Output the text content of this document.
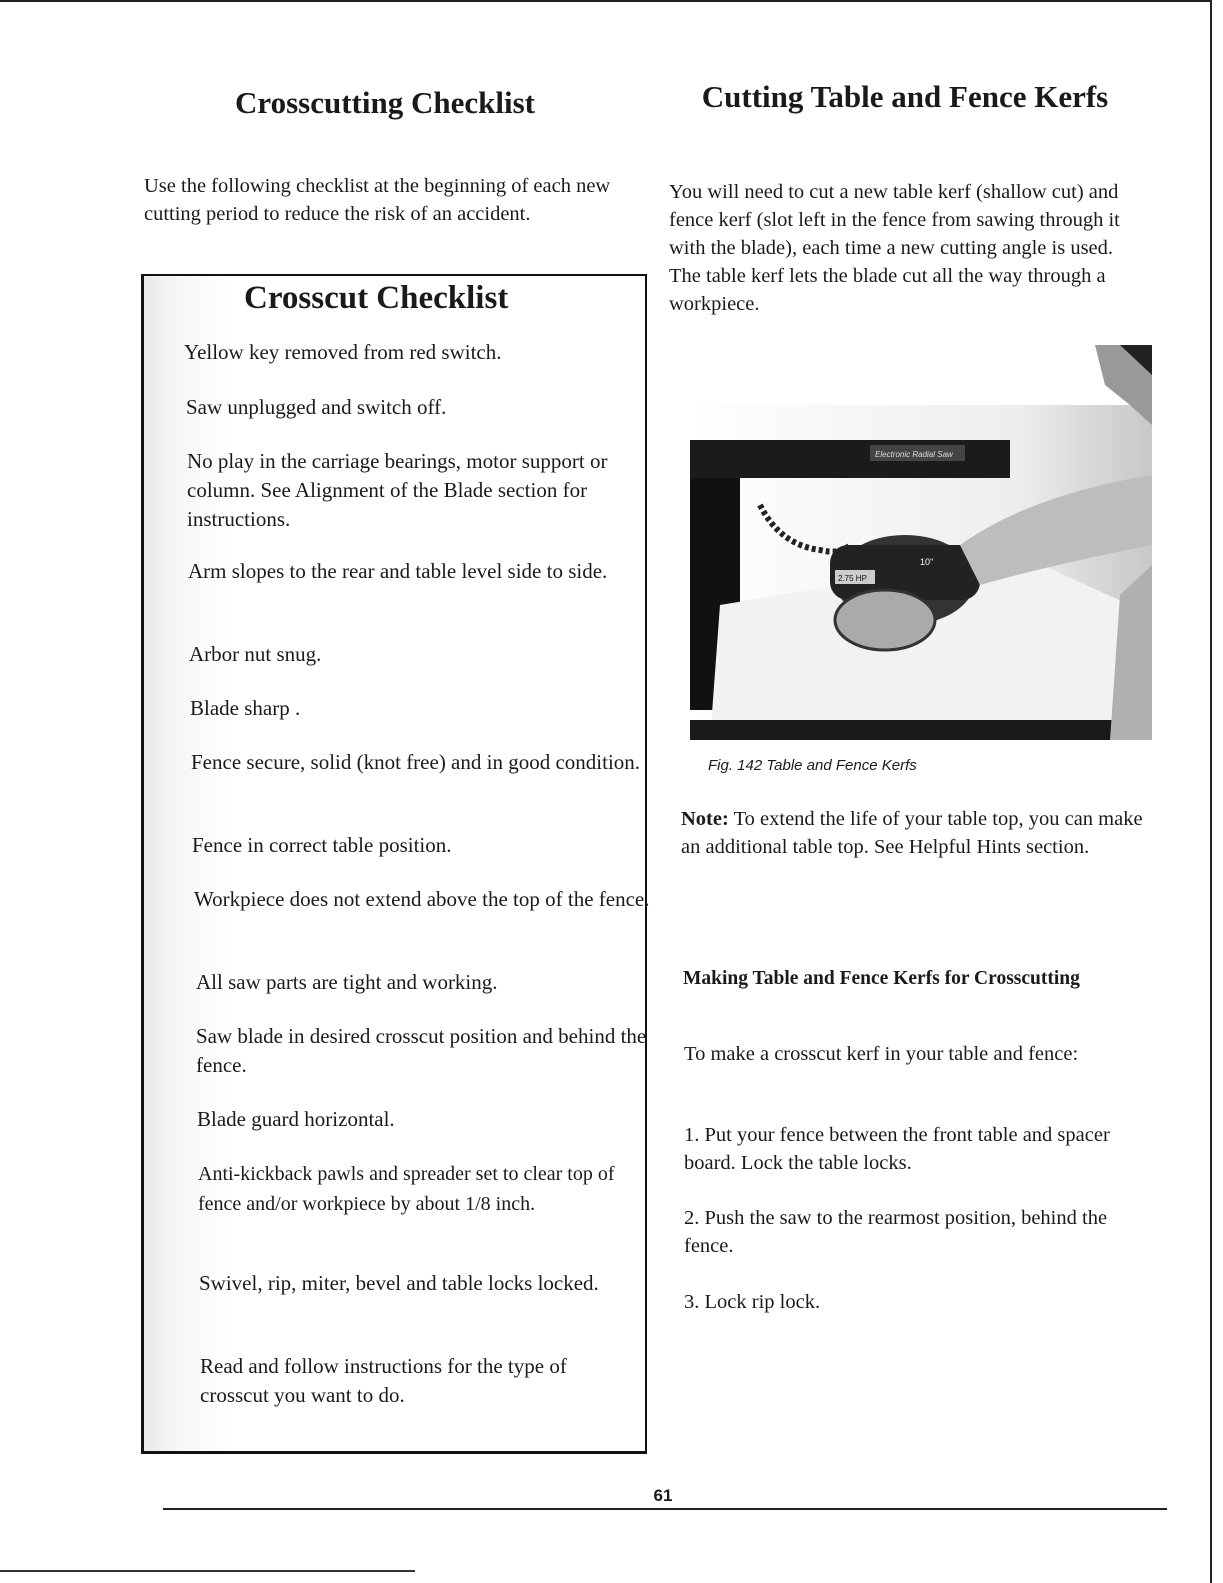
Crosscutting Checklist

Use the following checklist at the beginning of each new cutting period to reduce the risk of an accident.

Crosscut Checklist

Yellow key removed from red switch.

Saw unplugged and switch off.

No play in the carriage bearings, motor support or column. See Alignment of the Blade section for instructions.

Arm slopes to the rear and table level side to side.

Arbor nut snug.

Blade sharp .

Fence secure, solid (knot free) and in good condition.

Fence in correct table position.

Workpiece does not extend above the top of the fence.

All saw parts are tight and working.

Saw blade in desired crosscut position and behind the fence.

Blade guard horizontal.

Anti-kickback pawls and spreader set to clear top of fence and/or workpiece by about 1/8 inch.

Swivel, rip, miter, bevel and table locks locked.

Read and follow instructions for the type of crosscut you want to do.

Cutting Table and Fence Kerfs

You will need to cut a new table kerf (shallow cut) and fence kerf (slot left in the fence from sawing through it with the blade), each time a new cutting angle is used. The table kerf lets the blade cut all the way through a workpiece.

Electronic Radial Saw
2.75 HP
10"

Fig. 142 Table and Fence Kerfs

Note: To extend the life of your table top, you can make an additional table top. See Helpful Hints section.

Making Table and Fence Kerfs for Crosscutting

To make a crosscut kerf in your table and fence:

1. Put your fence between the front table and spacer board. Lock the table locks.

2. Push the saw to the rearmost position, behind the fence.

3. Lock rip lock.

61
